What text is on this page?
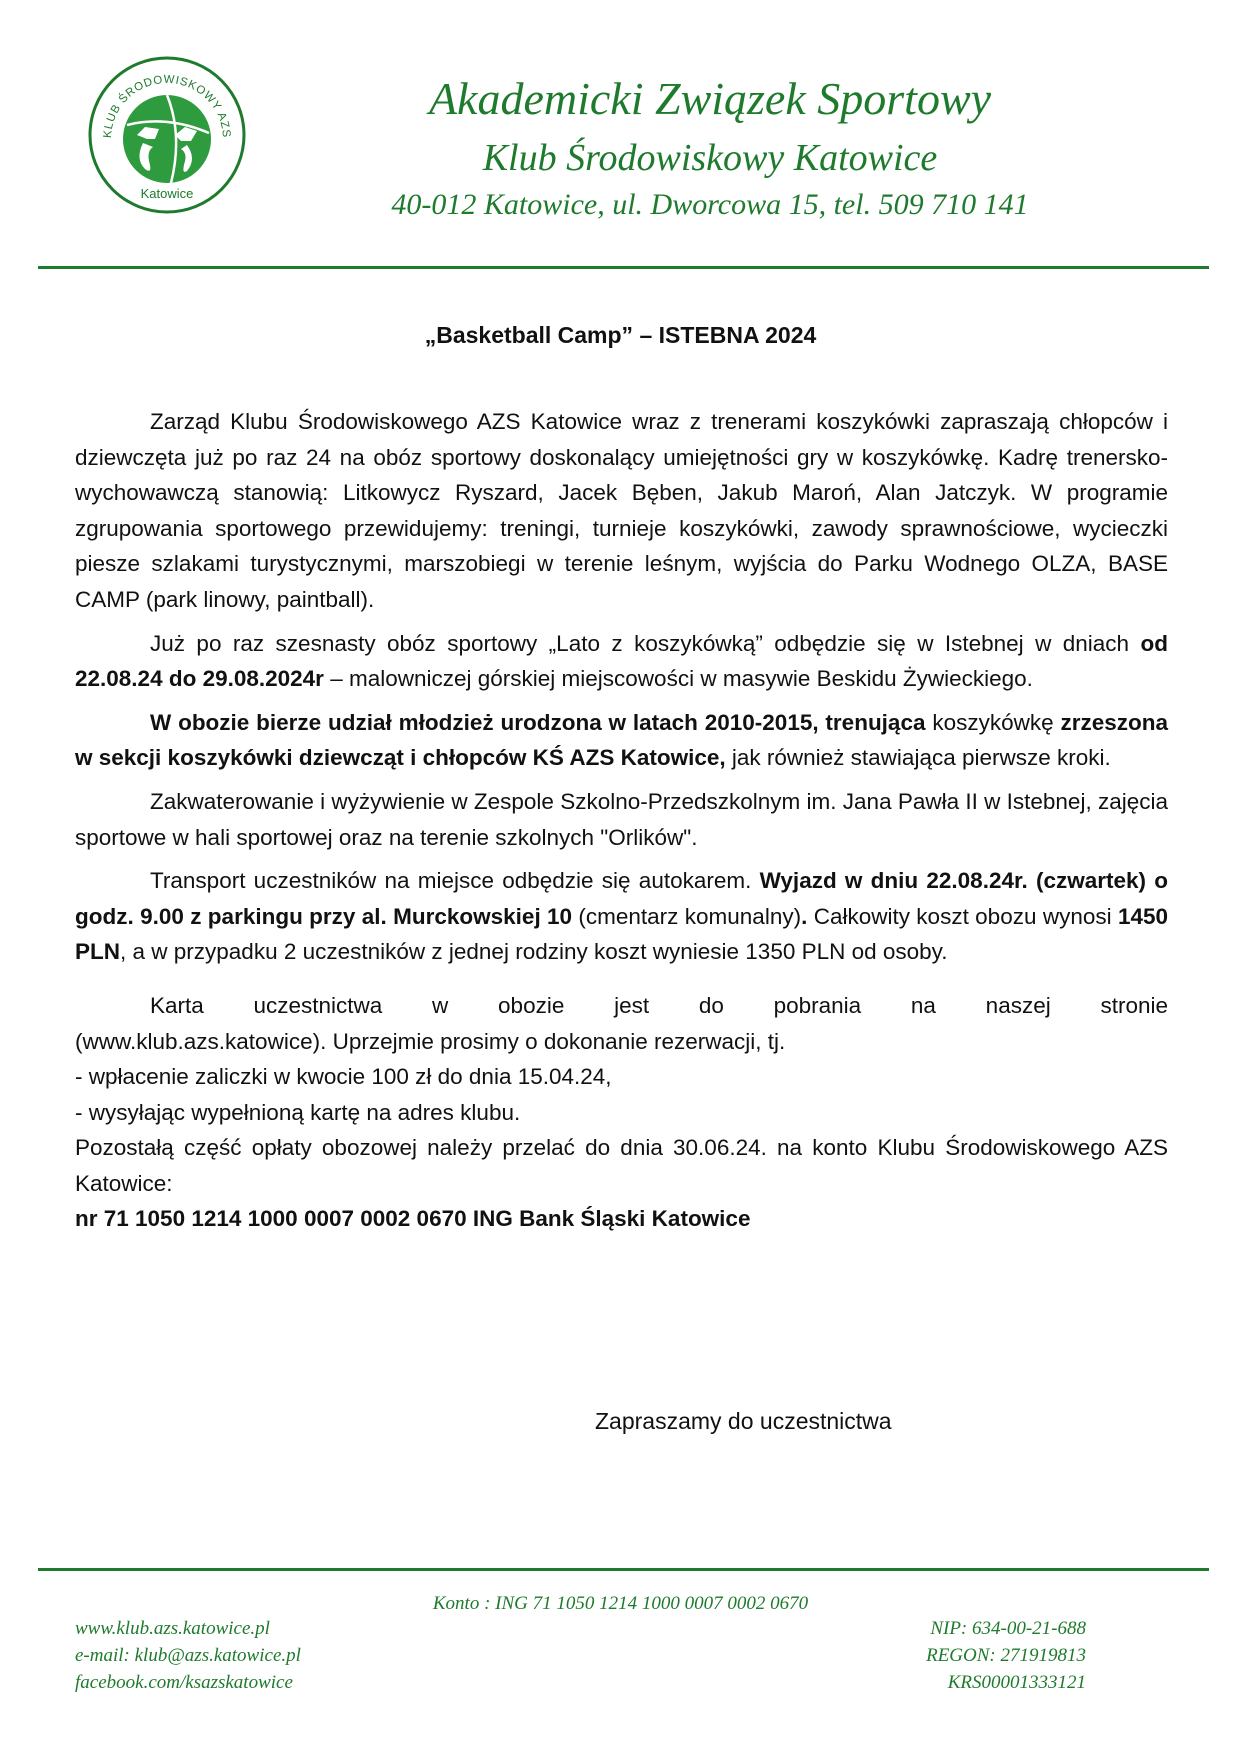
KLUB ŚRODOWISKOWY AZS
Katowice
Akademicki Związek Sportowy
Klub Środowiskowy Katowice
40-012 Katowice, ul. Dworcowa 15, tel. 509 710 141
„Basketball Camp” – ISTEBNA 2024

Zarząd Klubu Środowiskowego AZS Katowice wraz z trenerami koszykówki zapraszają chłopców i dziewczęta już po raz 24 na obóz sportowy doskonalący umiejętności gry w koszykówkę. Kadrę trenersko-wychowawczą stanowią: Litkowycz Ryszard, Jacek Bęben, Jakub Maroń, Alan Jatczyk. W programie zgrupowania sportowego przewidujemy: treningi, turnieje koszykówki, zawody sprawnościowe, wycieczki piesze szlakami turystycznymi, marszobiegi w terenie leśnym, wyjścia do Parku Wodnego OLZA, BASE CAMP (park linowy, paintball).

Już po raz szesnasty obóz sportowy „Lato z koszykówką” odbędzie się w Istebnej w dniach od 22.08.24 do 29.08.2024r – malowniczej górskiej miejscowości w masywie Beskidu Żywieckiego.

W obozie bierze udział młodzież urodzona w latach 2010-2015, trenująca koszykówkę zrzeszona w sekcji koszykówki dziewcząt i chłopców KŚ AZS Katowice, jak również stawiająca pierwsze kroki.

Zakwaterowanie i wyżywienie w Zespole Szkolno-Przedszkolnym im. Jana Pawła II w Istebnej, zajęcia sportowe w hali sportowej oraz na terenie szkolnych "Orlików".

Transport uczestników na miejsce odbędzie się autokarem. Wyjazd w dniu 22.08.24r. (czwartek) o godz. 9.00 z parkingu przy al. Murckowskiej 10 (cmentarz komunalny). Całkowity koszt obozu wynosi 1450 PLN, a w przypadku 2 uczestników z jednej rodziny koszt wyniesie 1350 PLN od osoby.

Karta uczestnictwa w obozie jest do pobrania na naszej stronie

(www.klub.azs.katowice). Uprzejmie prosimy o dokonanie rezerwacji, tj.

- wpłacenie zaliczki w kwocie 100 zł do dnia 15.04.24,

- wysyłając wypełnioną kartę na adres klubu.

Pozostałą część opłaty obozowej należy przelać do dnia 30.06.24. na konto Klubu Środowiskowego AZS Katowice:

nr 71 1050 1214 1000 0007 0002 0670 ING Bank Śląski Katowice

Zapraszamy do uczestnictwa
Konto : ING 71 1050 1214 1000 0007 0002 0670
www.klub.azs.katowice.pl
e-mail: klub@azs.katowice.pl
facebook.com/ksazskatowice
NIP: 634-00-21-688
REGON: 271919813
KRS00001333121
